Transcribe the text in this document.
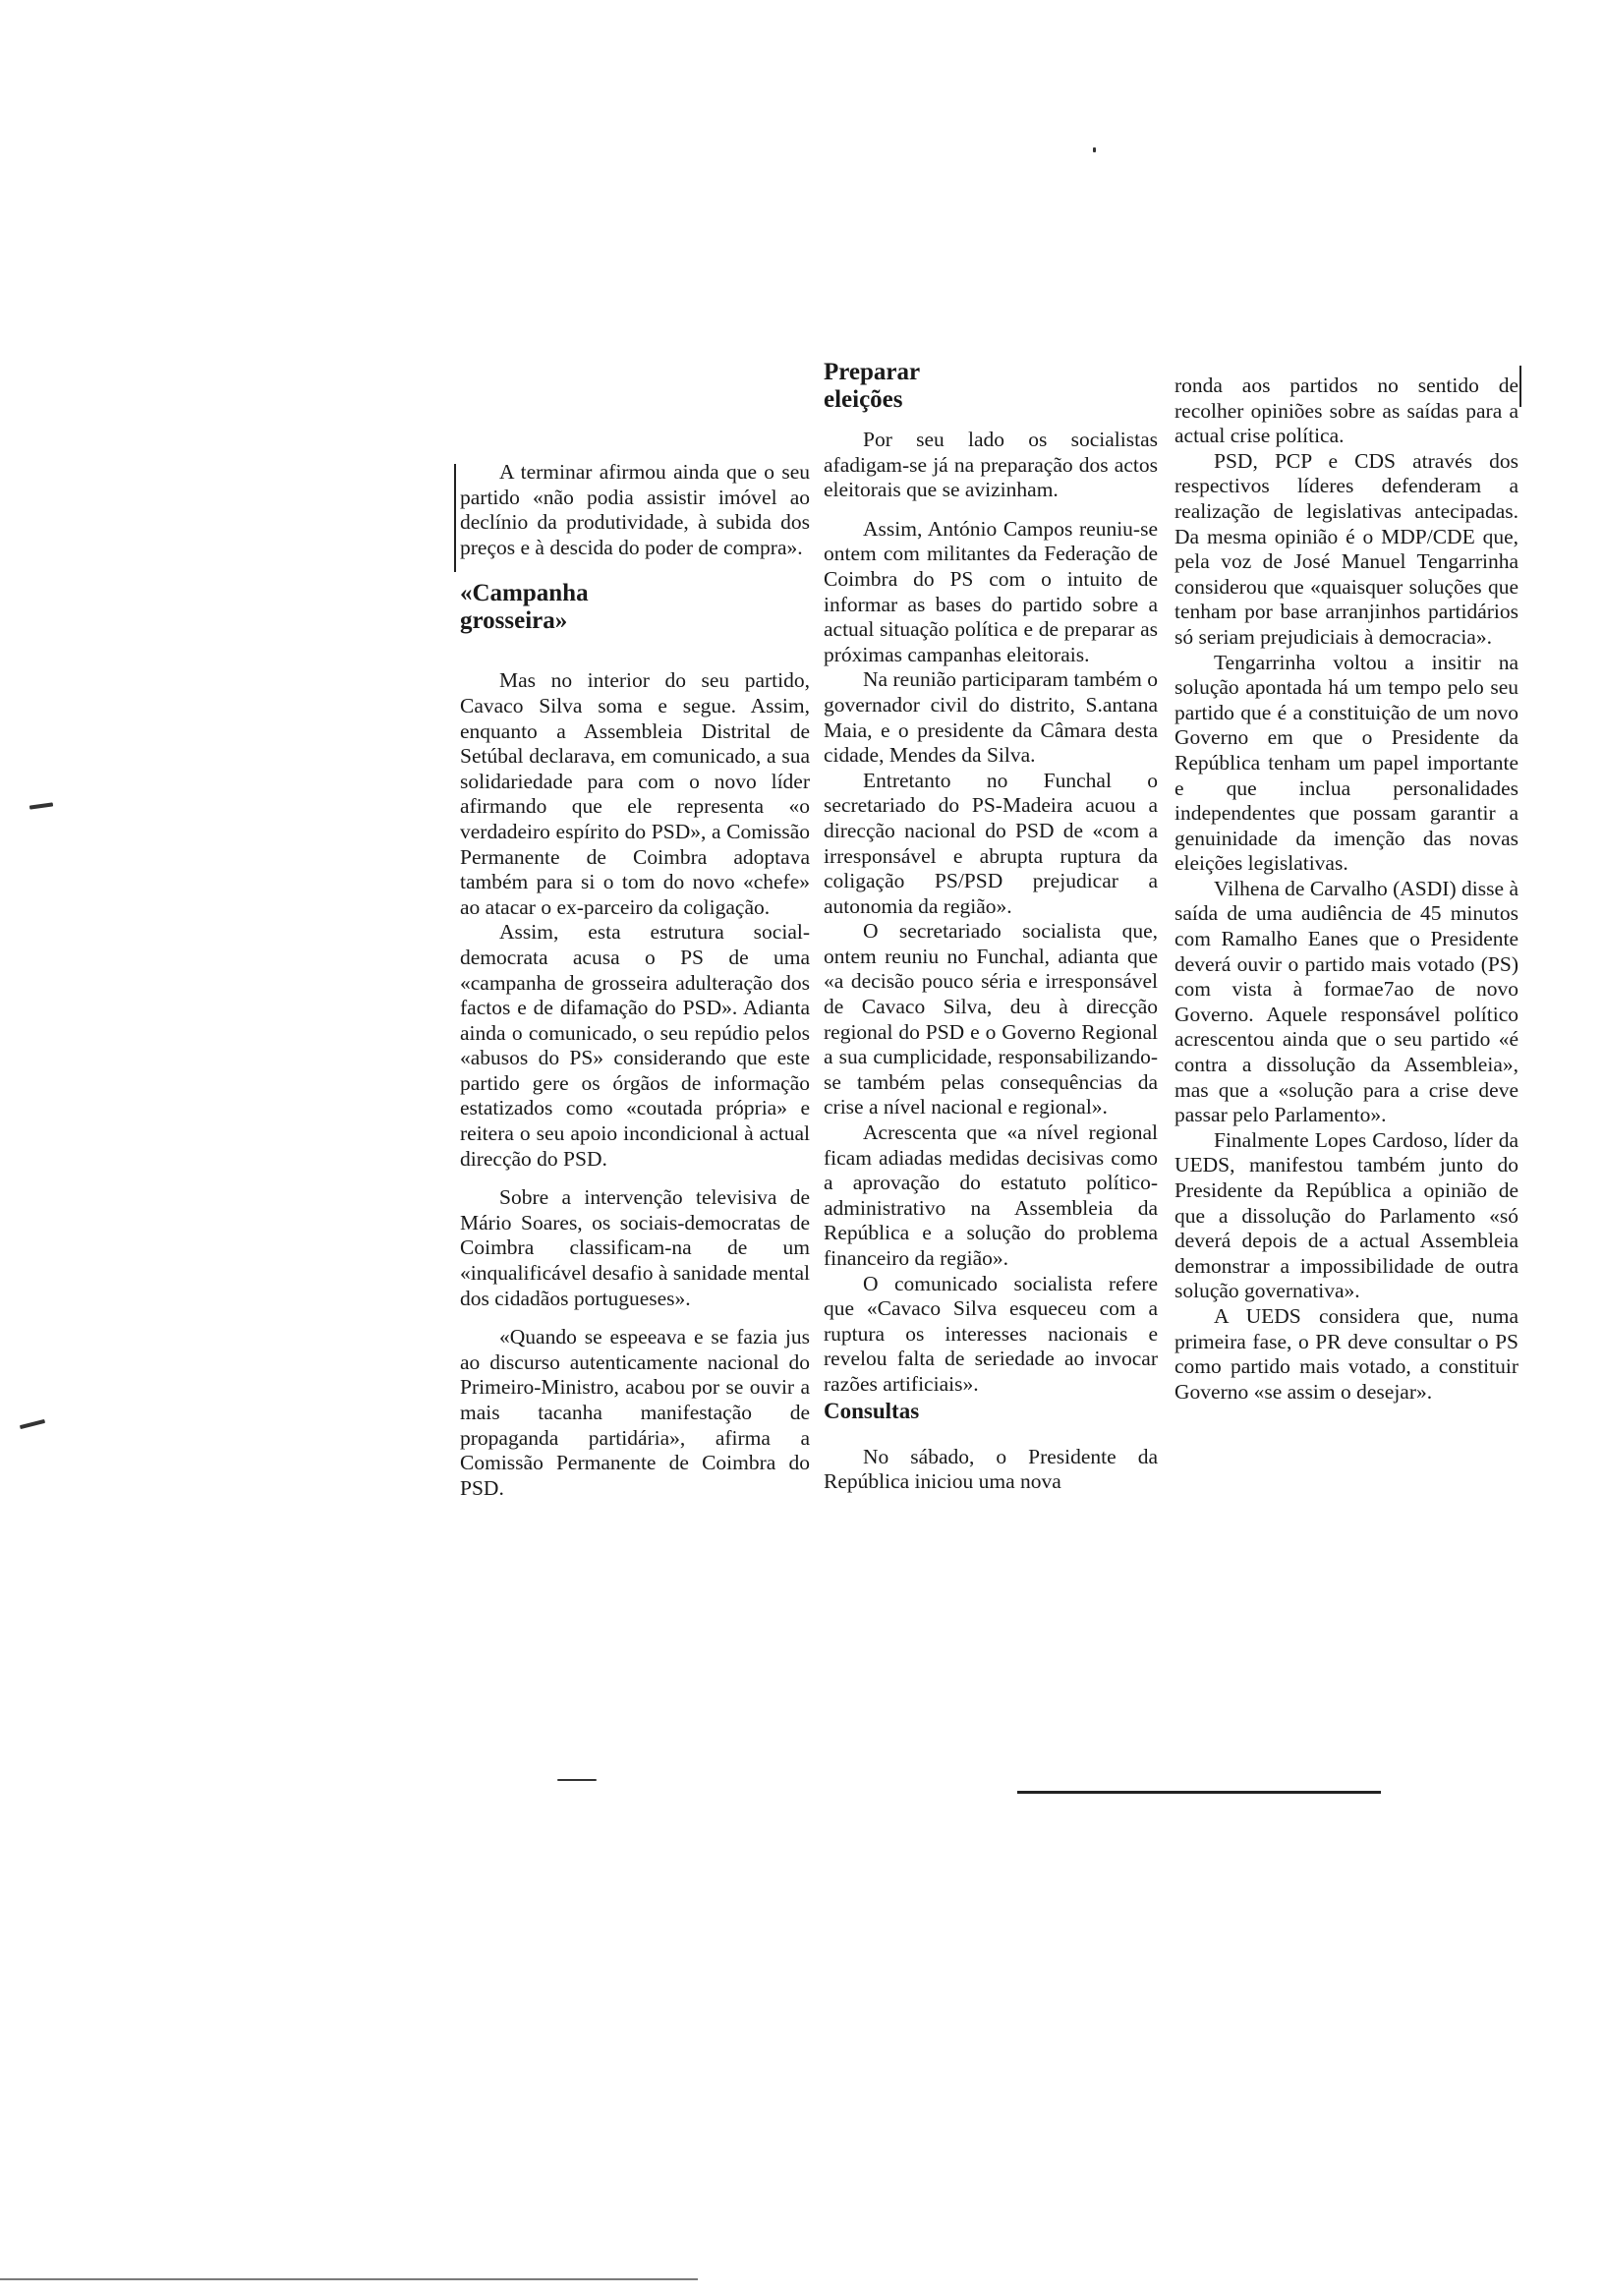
A terminar afirmou ainda que o seu partido «não podia assistir imóvel ao declínio da produtividade, à subida dos preços e à descida do poder de compra».

«Campanha grosseira»

Mas no interior do seu partido, Cavaco Silva soma e segue. Assim, enquanto a Assembleia Distrital de Setúbal declarava, em comunicado, a sua solidariedade para com o novo líder afirmando que ele representa «o verdadeiro espírito do PSD», a Comissão Permanente de Coimbra adoptava também para si o tom do novo «chefe» ao atacar o ex-parceiro da coligação.

Assim, esta estrutura social-democrata acusa o PS de uma «campanha de grosseira adulteração dos factos e de difamação do PSD». Adianta ainda o comunicado, o seu repúdio pelos «abusos do PS» considerando que este partido gere os órgãos de informação estatizados como «coutada própria» e reitera o seu apoio incondicional à actual direcção do PSD.

Sobre a intervenção televisiva de Mário Soares, os sociais-democratas de Coimbra classificam-na de um «inqualificável desafio à sanidade mental dos cidadãos portugueses».

«Quando se espeeava e se fazia jus ao discurso autenticamente nacional do Primeiro-Ministro, acabou por se ouvir a mais tacanha manifestação de propaganda partidária», afirma a Comissão Permanente de Coimbra do PSD.

Preparar eleições

Por seu lado os socialistas afadigam-se já na preparação dos actos eleitorais que se avizinham.

Assim, António Campos reuniu-se ontem com militantes da Federação de Coimbra do PS com o intuito de informar as bases do partido sobre a actual situação política e de preparar as próximas campanhas eleitorais.

Na reunião participaram também o governador civil do distrito, S.antana Maia, e o presidente da Câmara desta cidade, Mendes da Silva.

Entretanto no Funchal o secretariado do PS-Madeira acuou a direcção nacional do PSD de «com a irresponsável e abrupta ruptura da coligação PS/PSD prejudicar a autonomia da região».

O secretariado socialista que, ontem reuniu no Funchal, adianta que «a decisão pouco séria e irresponsável de Cavaco Silva, deu à direcção regional do PSD e o Governo Regional a sua cumplicidade, responsabilizando-se também pelas consequências da crise a nível nacional e regional».

Acrescenta que «a nível regional ficam adiadas medidas decisivas como a aprovação do estatuto político-administrativo na Assembleia da República e a solução do problema financeiro da região».

O comunicado socialista refere que «Cavaco Silva esqueceu com a ruptura os interesses nacionais e revelou falta de seriedade ao invocar razões artificiais».

Consultas

No sábado, o Presidente da República iniciou uma nova

ronda aos partidos no sentido de recolher opiniões sobre as saídas para a actual crise política.

PSD, PCP e CDS através dos respectivos líderes defenderam a realização de legislativas antecipadas. Da mesma opinião é o MDP/CDE que, pela voz de José Manuel Tengarrinha considerou que «quaisquer soluções que tenham por base arranjinhos partidários só seriam prejudiciais à democracia».

Tengarrinha voltou a insitir na solução apontada há um tempo pelo seu partido que é a constituição de um novo Governo em que o Presidente da República tenham um papel importante e que inclua personalidades independentes que possam garantir a genuinidade da imenção das novas eleições legislativas.

Vilhena de Carvalho (ASDI) disse à saída de uma audiência de 45 minutos com Ramalho Eanes que o Presidente deverá ouvir o partido mais votado (PS) com vista à formae7ao de novo Governo. Aquele responsável político acrescentou ainda que o seu partido «é contra a dissolução da Assembleia», mas que a «solução para a crise deve passar pelo Parlamento».

Finalmente Lopes Cardoso, líder da UEDS, manifestou também junto do Presidente da República a opinião de que a dissolução do Parlamento «só deverá depois de a actual Assembleia demonstrar a impossibilidade de outra solução governativa».

A UEDS considera que, numa primeira fase, o PR deve consultar o PS como partido mais votado, a constituir Governo «se assim o desejar».
